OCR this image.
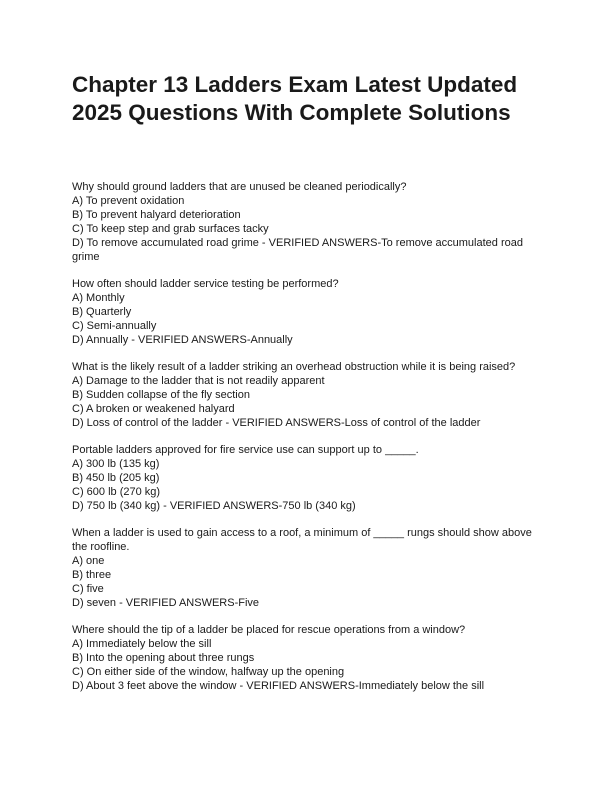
Chapter 13 Ladders Exam Latest Updated 2025 Questions With Complete Solutions

Why should ground ladders that are unused be cleaned periodically?

A) To prevent oxidation

B) To prevent halyard deterioration

C) To keep step and grab surfaces tacky

D) To remove accumulated road grime - VERIFIED ANSWERS-To remove accumulated road grime

How often should ladder service testing be performed?

A) Monthly

B) Quarterly

C) Semi-annually

D) Annually - VERIFIED ANSWERS-Annually

What is the likely result of a ladder striking an overhead obstruction while it is being raised?

A) Damage to the ladder that is not readily apparent

B) Sudden collapse of the fly section

C) A broken or weakened halyard

D) Loss of control of the ladder - VERIFIED ANSWERS-Loss of control of the ladder

Portable ladders approved for fire service use can support up to _____.

A) 300 lb (135 kg)

B) 450 lb (205 kg)

C) 600 lb (270 kg)

D) 750 lb (340 kg) - VERIFIED ANSWERS-750 lb (340 kg)

When a ladder is used to gain access to a roof, a minimum of _____ rungs should show above the roofline.

A) one

B) three

C) five

D) seven - VERIFIED ANSWERS-Five

Where should the tip of a ladder be placed for rescue operations from a window?

A) Immediately below the sill

B) Into the opening about three rungs

C) On either side of the window, halfway up the opening

D) About 3 feet above the window - VERIFIED ANSWERS-Immediately below the sill
